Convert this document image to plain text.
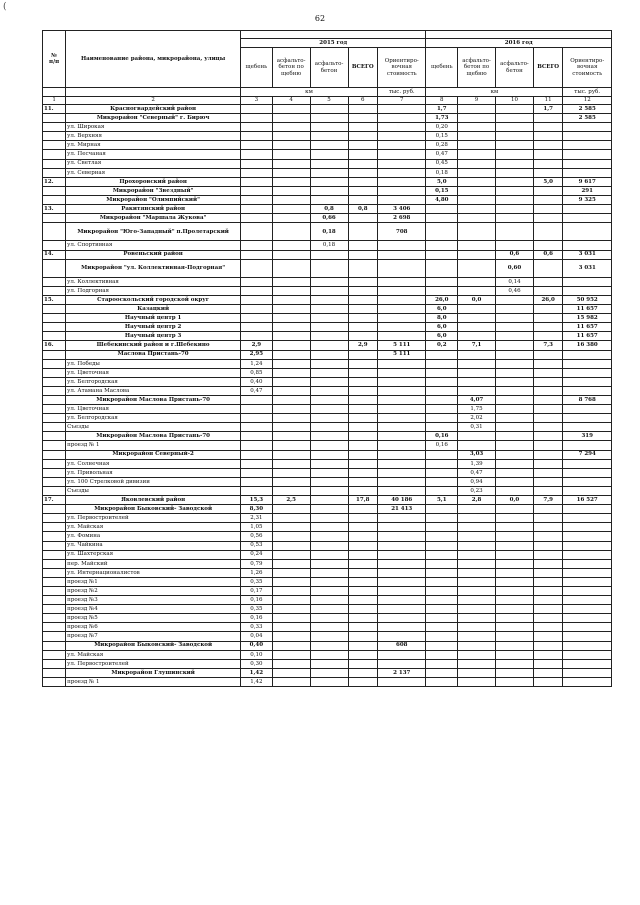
(
62
№
п/п	Наименование района, микрорайона, улицы										
		2015 год					2016 год				
		щебень	асфальто-бетон по щебню	асфальто-бетон	ВСЕГО	Ориентиро-вочная стоимость	щебень	асфальто-бетон по щебню	асфальто-бетон	ВСЕГО	Ориентиро-вочная стоимость
		км				тыс. руб.	км				тыс. руб.
1	2	3	4	5	6	7	8	9	10	11	12
11.	Красногвардейский район						1,7			1,7	2 585
	Микрорайон "Северный" г. Бирюч						1,73				2 585
	ул. Широкая						0,20				
	ул. Верхняя						0,15				
	ул. Мирная						0,28				
	ул. Песчаная						0,47				
	ул. Светлая						0,45				
	ул. Северная						0,18				
12.	Прохоровский район						5,0			5,0	9 617
	Микрорайон "Звездный"						0,15				291
	Микрорайон "Олимпийский"						4,80				9 325
13.	Ракитянский район			0,8	0,8	3 406					
	Микрорайон "Маршала Жукова"			0,66		2 698					
	Микрорайон "Юго-Западный" п.Пролетарский			0,18		708					
	ул. Спортивная			0,18							
14.	Ровеньский район								0,6	0,6	3 031
	Микрорайон "ул. Коллективная-Подгорная"								0,60		3 031
	ул. Коллективная								0,14		
	ул. Подгорная								0,46		
15.	Старооскольский городской округ						26,0	0,0		26,0	50 952
	Казацкий						6,0				11 657
	Научный центр 1						8,0				15 982
	Научный центр 2						6,0				11 657
	Научный центр 3						6,0				11 657
16.	Шебекинский район и г.Шебекино	2,9			2,9	5 111	0,2	7,1		7,3	16 380
	Маслова Пристань-70	2,95				5 111					
	ул. Победы	1,24									
	ул. Цветочная	0,85									
	ул. Белгородская	0,40									
	ул. Атамана Маслова	0,47									
	Микрорайон Маслова Пристань-70							4,07			8 768
	ул. Цветочная							1,75			
	ул. Белгородская							2,02			
	Съезды							0,31			
	Микрорайон Маслова Пристань-70						0,16				319
	проезд № 1						0,16				
	Микрорайон Северный-2							3,03			7 294
	ул. Солнечная							1,39			
	ул. Привольная							0,47			
	ул. 100 Стрелковой дивизии							0,94			
	Съезды							0,23			
17.	Яковлевский район	15,3	2,5		17,8	40 186	5,1	2,8	0,0	7,9	16 527
	Микрорайон Быковский- Заводской	8,30				21 413					
	ул. Первостроителей	2,31									
	ул. Майская	1,05									
	ул. Фомина	0,56									
	ул. Чайкина	0,53									
	ул. Шахтерская	0,24									
	пер. Майский	0,79									
	ул. Интернационалистов	1,26									
	проезд №1	0,35									
	проезд №2	0,17									
	проезд №3	0,16									
	проезд №4	0,35									
	проезд №5	0,16									
	проезд №6	0,33									
	проезд №7	0,04									
	Микрорайон Быковский- Заводской	0,40				608					
	ул. Майская	0,10									
	ул. Первостроителей	0,30									
	Микрорайон Глушинский	1,42				2 137					
	проезд № 1	1,42									
